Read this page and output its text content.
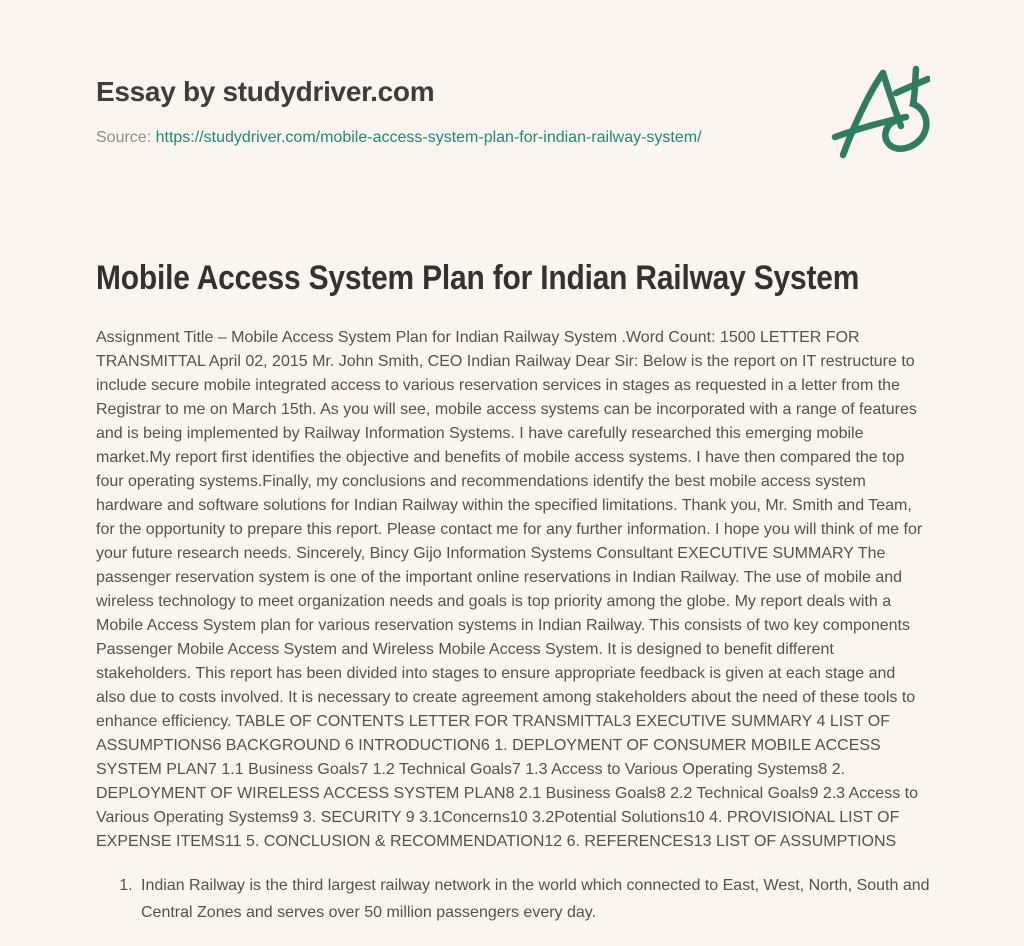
Essay by studydriver.com
Source: https://studydriver.com/mobile-access-system-plan-for-indian-railway-system/
Mobile Access System Plan for Indian Railway System

Assignment Title – Mobile Access System Plan for Indian Railway System .Word Count: 1500 LETTER FOR TRANSMITTAL April 02, 2015 Mr. John Smith, CEO Indian Railway Dear Sir: Below is the report on IT restructure to include secure mobile integrated access to various reservation services in stages as requested in a letter from the Registrar to me on March 15th. As you will see, mobile access systems can be incorporated with a range of features and is being implemented by Railway Information Systems. I have carefully researched this emerging mobile market.My report first identifies the objective and benefits of mobile access systems. I have then compared the top four operating systems.Finally, my conclusions and recommendations identify the best mobile access system hardware and software solutions for Indian Railway within the specified limitations. Thank you, Mr. Smith and Team, for the opportunity to prepare this report. Please contact me for any further information. I hope you will think of me for your future research needs. Sincerely, Bincy Gijo Information Systems Consultant EXECUTIVE SUMMARY The passenger reservation system is one of the important online reservations in Indian Railway. The use of mobile and wireless technology to meet organization needs and goals is top priority among the globe. My report deals with a Mobile Access System plan for various reservation systems in Indian Railway. This consists of two key components Passenger Mobile Access System and Wireless Mobile Access System. It is designed to benefit different stakeholders. This report has been divided into stages to ensure appropriate feedback is given at each stage and also due to costs involved. It is necessary to create agreement among stakeholders about the need of these tools to enhance efficiency. TABLE OF CONTENTS LETTER FOR TRANSMITTAL3 EXECUTIVE SUMMARY 4 LIST OF ASSUMPTIONS6 BACKGROUND 6 INTRODUCTION6 1. DEPLOYMENT OF CONSUMER MOBILE ACCESS SYSTEM PLAN7 1.1 Business Goals7 1.2 Technical Goals7 1.3 Access to Various Operating Systems8 2. DEPLOYMENT OF WIRELESS ACCESS SYSTEM PLAN8 2.1 Business Goals8 2.2 Technical Goals9 2.3 Access to Various Operating Systems9 3. SECURITY 9 3.1Concerns10 3.2Potential Solutions10 4. PROVISIONAL LIST OF EXPENSE ITEMS11 5. CONCLUSION & RECOMMENDATION12 6. REFERENCES13 LIST OF ASSUMPTIONS

1. Indian Railway is the third largest railway network in the world which connected to East, West, North, South and Central Zones and serves over 50 million passengers every day.
